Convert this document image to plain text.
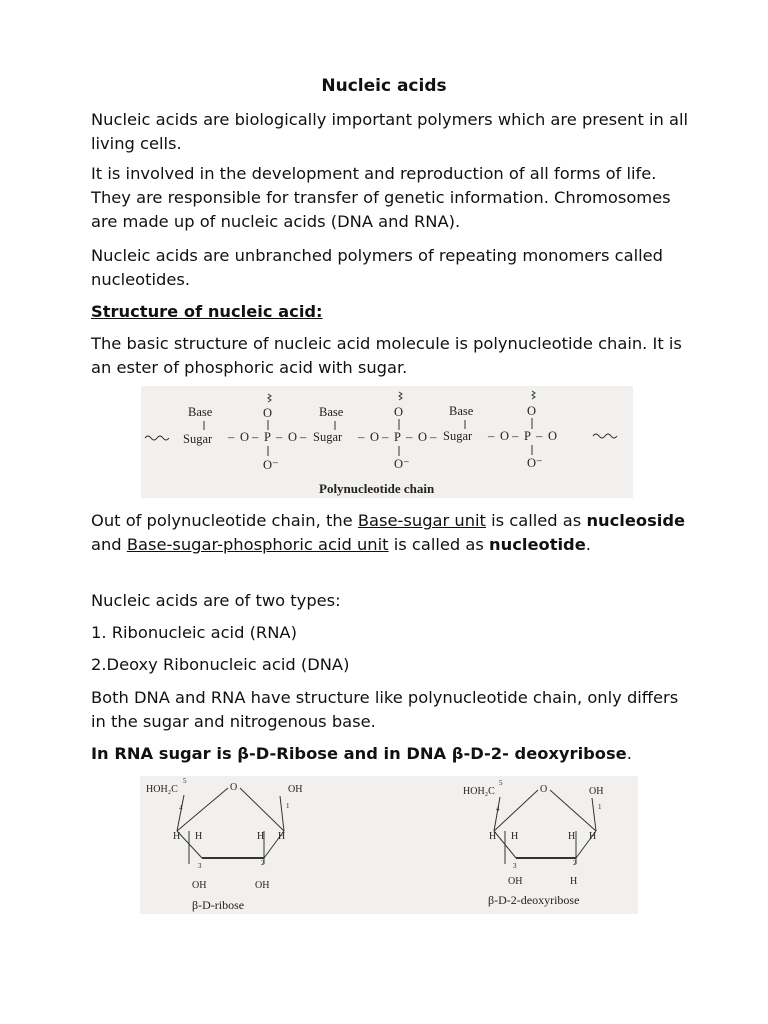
Nucleic acids

Nucleic acids are biologically important polymers which are present in all living cells.

It is involved in the development and reproduction of all forms of life. They are responsible for transfer of genetic information. Chromosomes are made up of nucleic acids (DNA and RNA).

Nucleic acids are unbranched polymers of repeating monomers called nucleotides.

Structure of nucleic acid:

The basic structure of nucleic acid molecule is polynucleotide chain. It is an ester of phosphoric acid with sugar.

Base
Sugar – O – P – O –
O
O⁻
Base
Sugar – O – P – O –
O
O⁻
Base
Sugar – O – P – O
O
O⁻
Polynucleotide chain

Out of polynucleotide chain, the Base-sugar unit is called as nucleoside and Base-sugar-phosphoric acid unit is called as nucleotide.

Nucleic acids are of two types:

1. Ribonucleic acid (RNA)

2.Deoxy Ribonucleic acid (DNA)

Both DNA and RNA have structure like polynucleotide chain, only differs in the sugar and nitrogenous base.

In RNA sugar is β-D-Ribose and in DNA β-D-2- deoxyribose.

HOH₂C
5
O	OH
4	1
H H	H H
3	2
OH	OH
β-D-ribose
HOH₂C
5
O	OH
4	1
H H	H H
3	2
OH	H
β-D-2-deoxyribose
